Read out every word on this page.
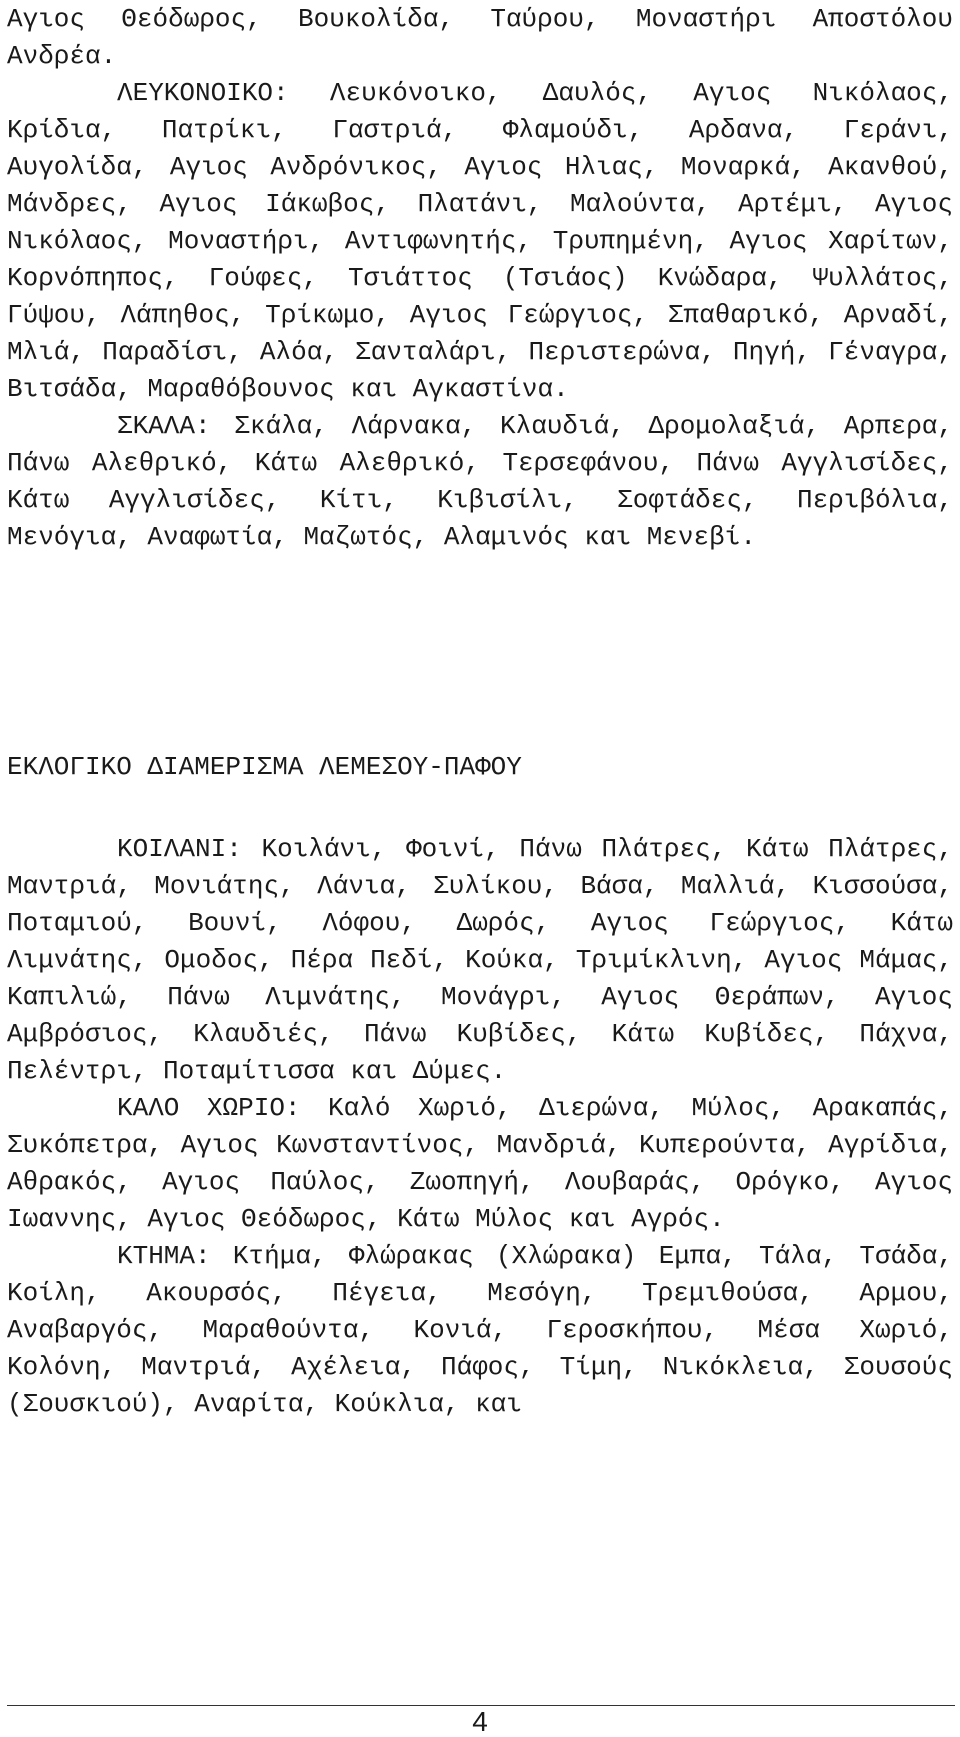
Αγιος Θεόδωρος, Βουκολίδα, Ταύρου, Μοναστήρι Αποστόλου Ανδρέα.
ΛΕΥΚΟΝΟΙΚΟ: Λευκόνοικο, Δαυλός, Αγιος Νικόλαος, Κρίδια, Πατρίκι, Γαστριά, Φλαμούδι, Αρδανα, Γεράνι, Αυγολίδα, Αγιος Ανδρόνικος, Αγιος Ηλιας, Μοναρκά, Ακανθού, Μάνδρες, Αγιος Ιάκωβος, Πλατάνι, Μαλούντα, Αρτέμι, Αγιος Νικόλαος, Μοναστήρι, Αντιφωνητής, Τρυπημένη, Αγιος Χαρίτων, Κορνόπηπος, Γούφες, Τσιάττος (Τσιάος) Κνώδαρα, Ψυλλάτος, Γύψου, Λάπηθος, Τρίκωμο, Αγιος Γεώργιος, Σπαθαρικό, Αρναδί, Μλιά, Παραδίσι, Αλόα, Σανταλάρι, Περιστερώνα, Πηγή, Γέναγρα, Βιτσάδα, Μαραθόβουνος και Αγκαστίνα.
ΣΚΑΛΑ: Σκάλα, Λάρνακα, Κλαυδιά, Δρομολαξιά, Αρπερα, Πάνω Αλεθρικό, Κάτω Αλεθρικό, Τερσεφάνου, Πάνω Αγγλισίδες, Κάτω Αγγλισίδες, Κίτι, Κιβισίλι, Σοφτάδες, Περιβόλια, Μενόγια, Αναφωτία, Μαζωτός, Αλαμινός και Μενεβί.
ΕΚΛΟΓΙΚΟ ΔΙΑΜΕΡΙΣΜΑ ΛΕΜΕΣΟΥ-ΠΑΦΟΥ
ΚΟΙΛΑΝΙ: Κοιλάνι, Φοινί, Πάνω Πλάτρες, Κάτω Πλάτρες, Μαντριά, Μονιάτης, Λάνια, Συλίκου, Βάσα, Μαλλιά, Κισσούσα, Ποταμιού, Βουνί, Λόφου, Δωρός, Αγιος Γεώργιος, Κάτω Λιμνάτης, Ομοδος, Πέρα Πεδί, Κούκα, Τριμίκλινη, Αγιος Μάμας, Καπιλιώ, Πάνω Λιμνάτης, Μονάγρι, Αγιος Θεράπων, Αγιος Αμβρόσιος, Κλαυδιές, Πάνω Κυβίδες, Κάτω Κυβίδες, Πάχνα, Πελέντρι, Ποταμίτισσα και Δύμες.
ΚΑΛΟ ΧΩΡΙΟ: Καλό Χωριό, Διερώνα, Μύλος, Αρακαπάς, Συκόπετρα, Αγιος Κωνσταντίνος, Μανδριά, Κυπερούντα, Αγρίδια, Αθρακός, Αγιος Παύλος, Ζωοπηγή, Λουβαράς, Ορόγκο, Αγιος Ιωαννης, Αγιος Θεόδωρος, Κάτω Μύλος και Αγρός.
ΚΤΗΜΑ: Κτήμα, Φλώρακας (Χλώρακα) Εμπα, Τάλα, Τσάδα, Κοίλη, Ακουρσός, Πέγεια, Μεσόγη, Τρεμιθούσα, Αρμου, Αναβαργός, Μαραθούντα, Κονιά, Γεροσκήπου, Μέσα Χωριό, Κολόνη, Μαντριά, Αχέλεια, Πάφος, Τίμη, Νικόκλεια, Σουσούς (Σουσκιού), Αναρίτα, Κούκλια, και
4
